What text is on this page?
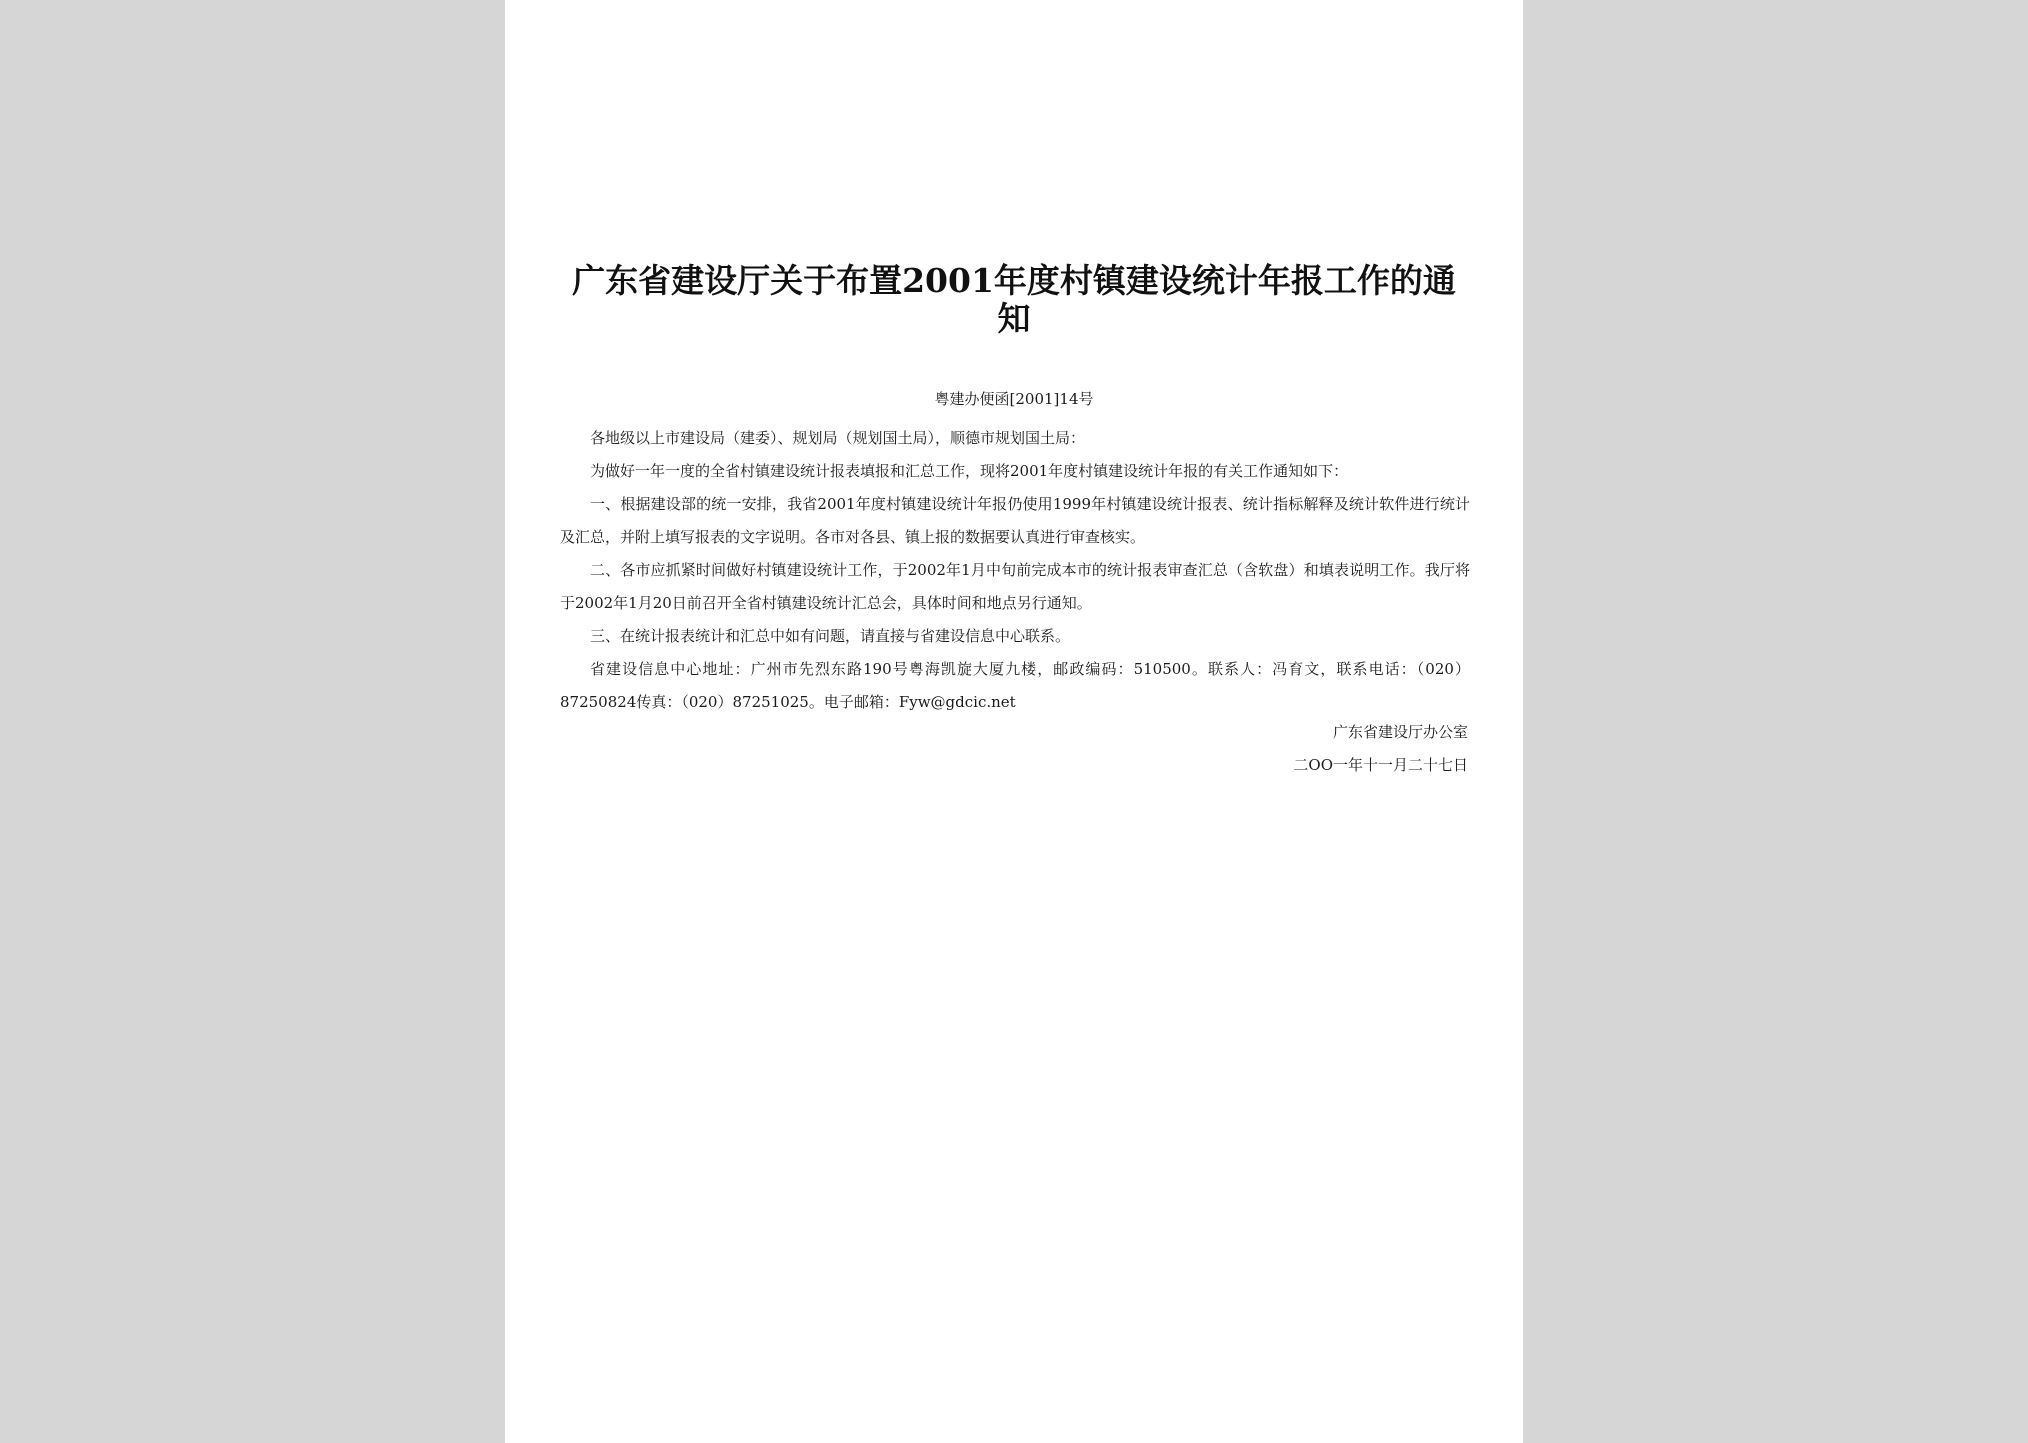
广东省建设厅关于布置2001年度村镇建设统计年报工作的通知
粤建办便函[2001]14号

各地级以上市建设局（建委）、规划局（规划国土局），顺德市规划国土局：

为做好一年一度的全省村镇建设统计报表填报和汇总工作，现将2001年度村镇建设统计年报的有关工作通知如下：

一、根据建设部的统一安排，我省2001年度村镇建设统计年报仍使用1999年村镇建设统计报表、统计指标解释及统计软件进行统计及汇总，并附上填写报表的文字说明。各市对各县、镇上报的数据要认真进行审查核实。

二、各市应抓紧时间做好村镇建设统计工作，于2002年1月中旬前完成本市的统计报表审查汇总（含软盘）和填表说明工作。我厅将于2002年1月20日前召开全省村镇建设统计汇总会，具体时间和地点另行通知。

三、在统计报表统计和汇总中如有问题，请直接与省建设信息中心联系。

省建设信息中心地址：广州市先烈东路190号粤海凯旋大厦九楼，邮政编码：510500。联系人：冯育文，联系电话：（020）87250824传真：（020）87251025。电子邮箱：Fyw@gdcic.net

广东省建设厅办公室
二OO一年十一月二十七日
